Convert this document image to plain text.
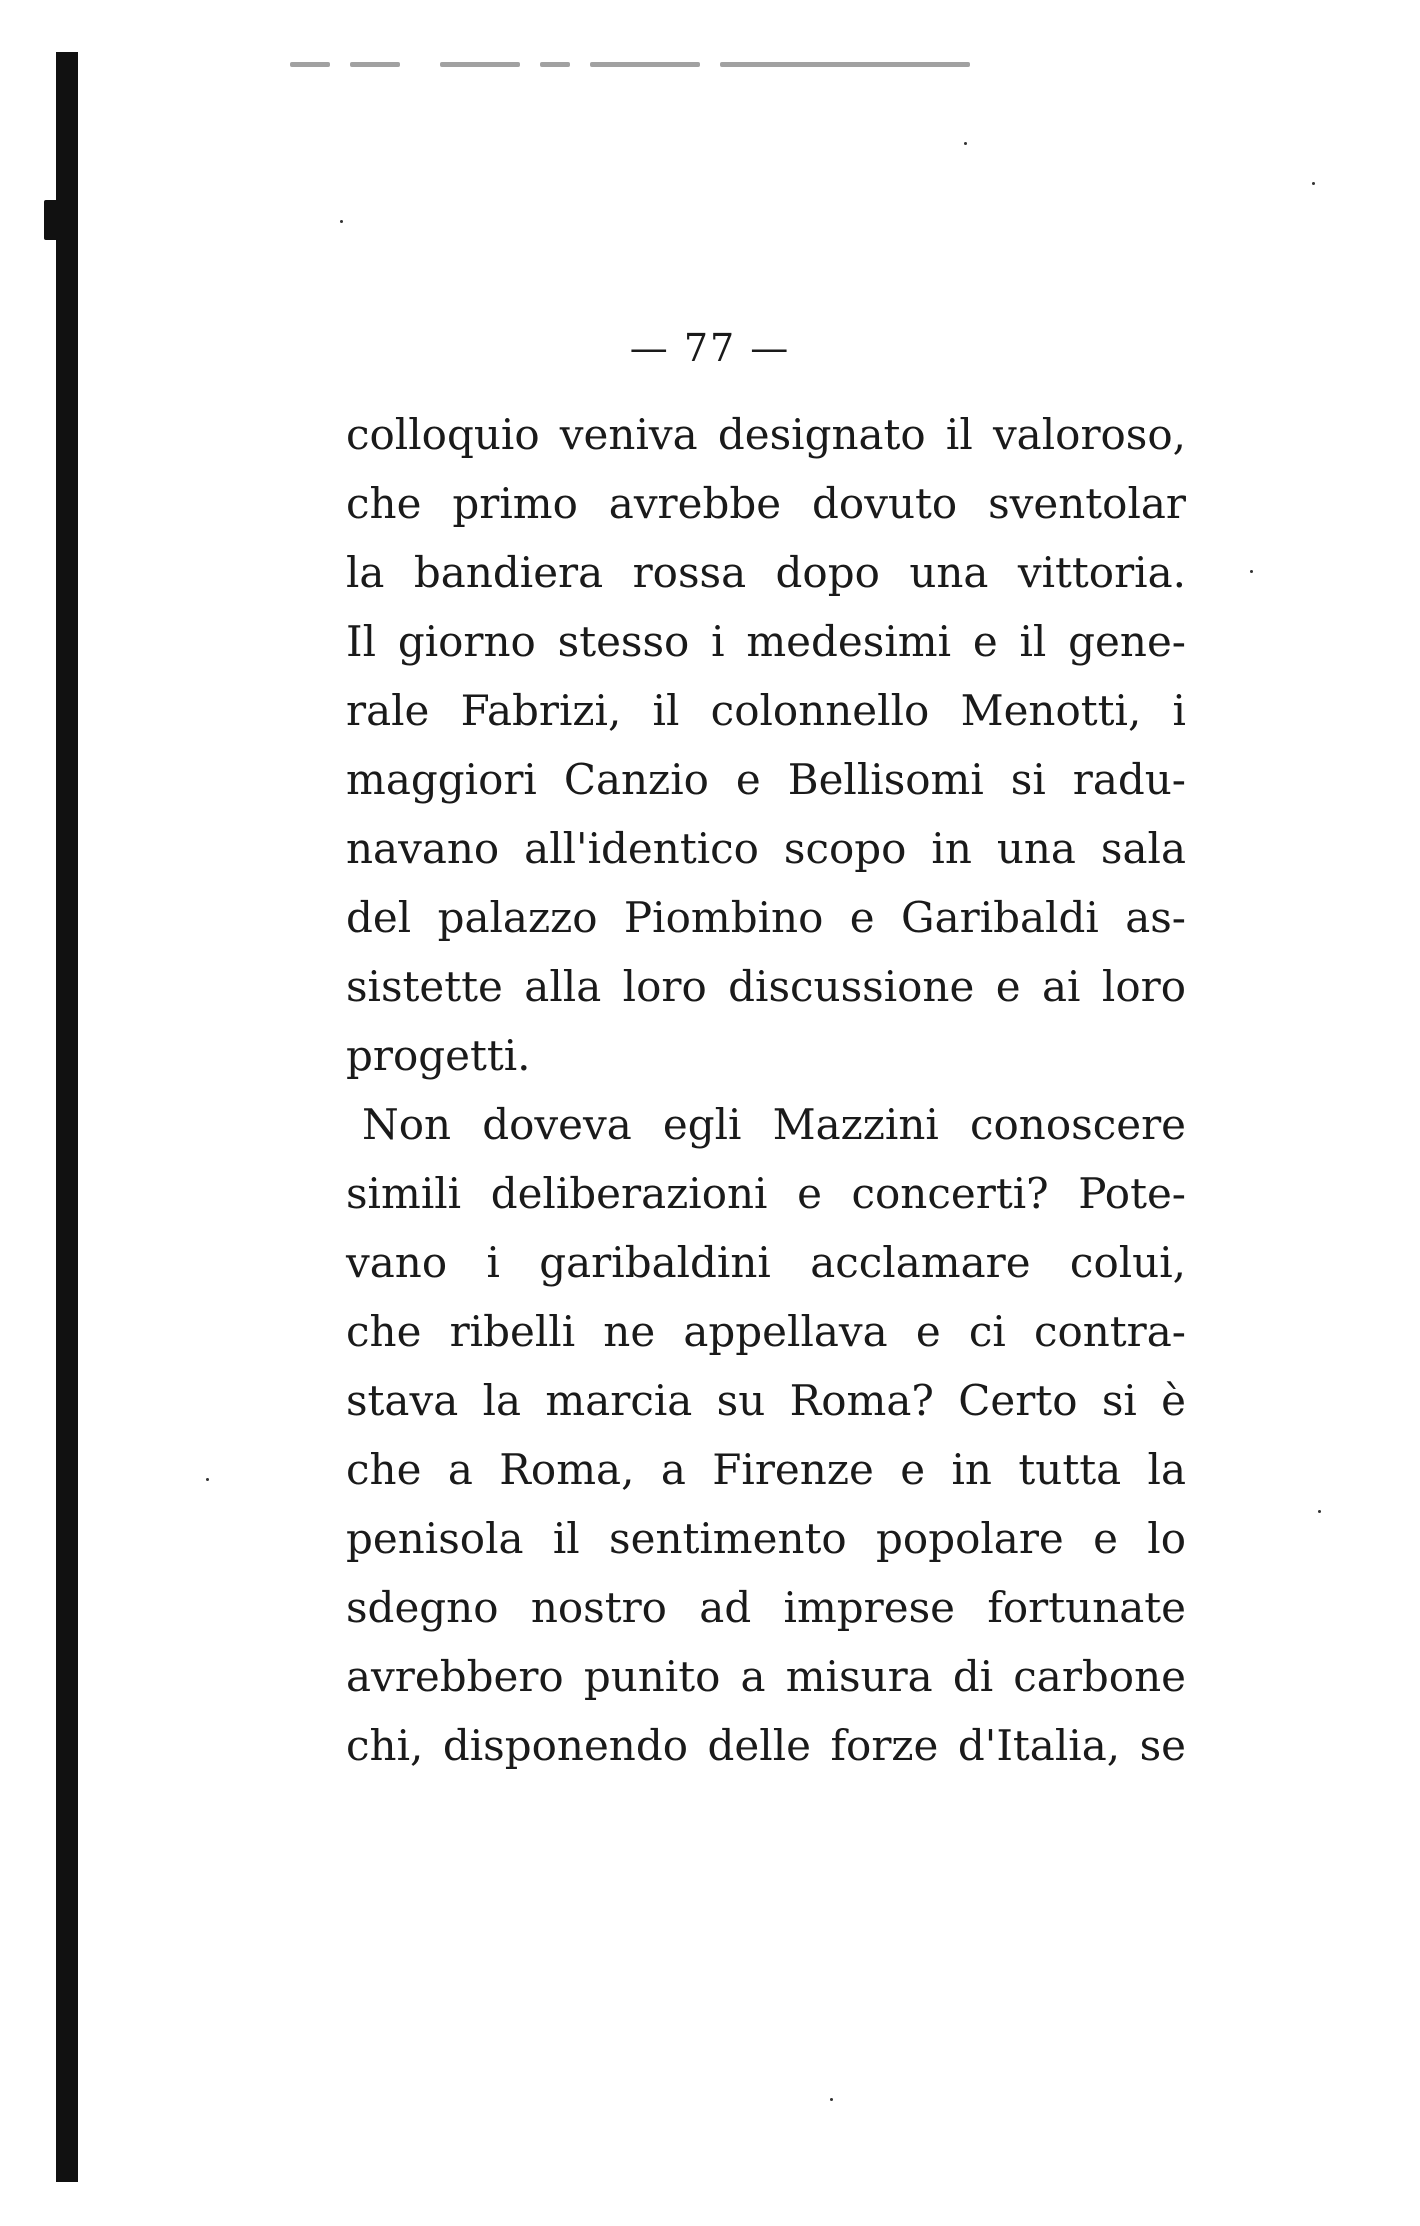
— 77 —
colloquio veniva designato il valoroso,
che primo avrebbe dovuto sventolar
la bandiera rossa dopo una vittoria.
Il giorno stesso i medesimi e il gene-
rale Fabrizi, il colonnello Menotti, i
maggiori Canzio e Bellisomi si radu-
navano all'identico scopo in una sala
del palazzo Piombino e Garibaldi as-
sistette alla loro discussione e ai loro
progetti.
Non doveva egli Mazzini conoscere
simili deliberazioni e concerti? Pote-
vano i garibaldini acclamare colui,
che ribelli ne appellava e ci contra-
stava la marcia su Roma? Certo si è
che a Roma, a Firenze e in tutta la
penisola il sentimento popolare e lo
sdegno nostro ad imprese fortunate
avrebbero punito a misura di carbone
chi, disponendo delle forze d'Italia, se
